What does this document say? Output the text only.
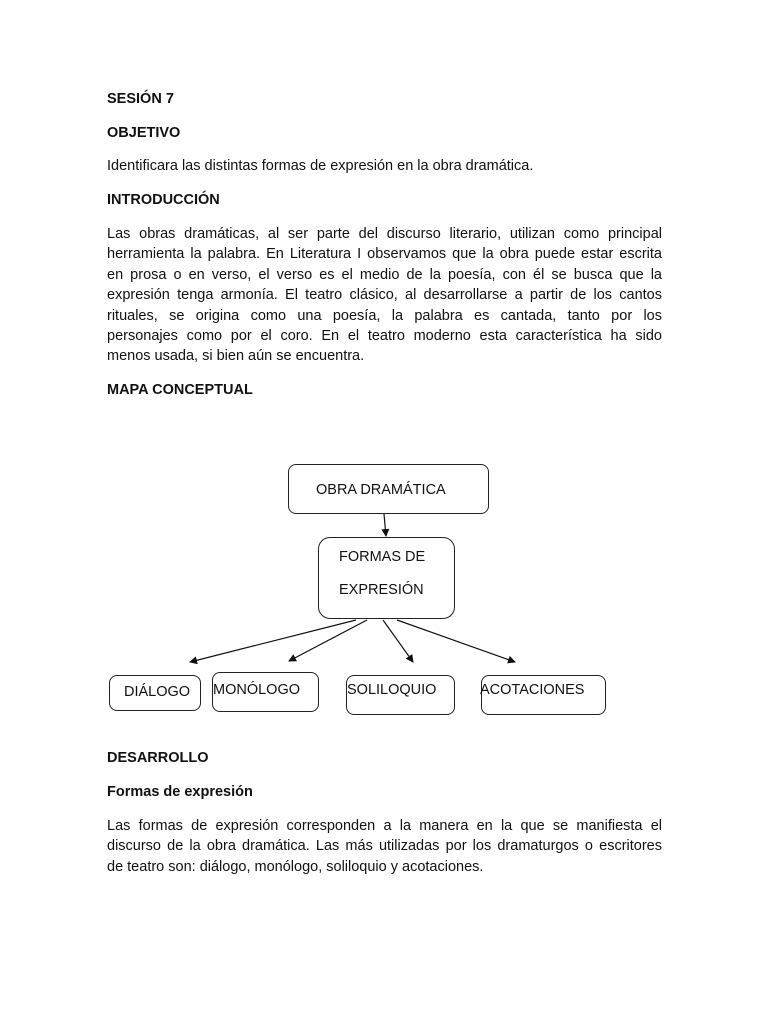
SESIÓN 7

OBJETIVO

Identificara las distintas formas de expresión en la obra dramática.

INTRODUCCIÓN

Las obras dramáticas, al ser parte del discurso literario, utilizan como principal
herramienta la palabra. En Literatura I observamos que la obra puede estar escrita
en prosa o en verso, el verso es el medio de la poesía, con él se busca que la
expresión tenga armonía. El teatro clásico, al desarrollarse a partir de los cantos
rituales, se origina como una poesía, la palabra es cantada, tanto por los
personajes como por el coro. En el teatro moderno esta característica ha sido
menos usada, si bien aún se encuentra.

MAPA CONCEPTUAL

DESARROLLO

Formas de expresión

Las formas de expresión corresponden a la manera en la que se manifiesta el
discurso de la obra dramática. Las más utilizadas por los dramaturgos o escritores
de teatro son: diálogo, monólogo, soliloquio y acotaciones.

OBRA DRAMÁTICA
FORMAS DE
EXPRESIÓN
DIÁLOGO MONÓLOGO	SOLILOQUIO	ACOTACIONES
